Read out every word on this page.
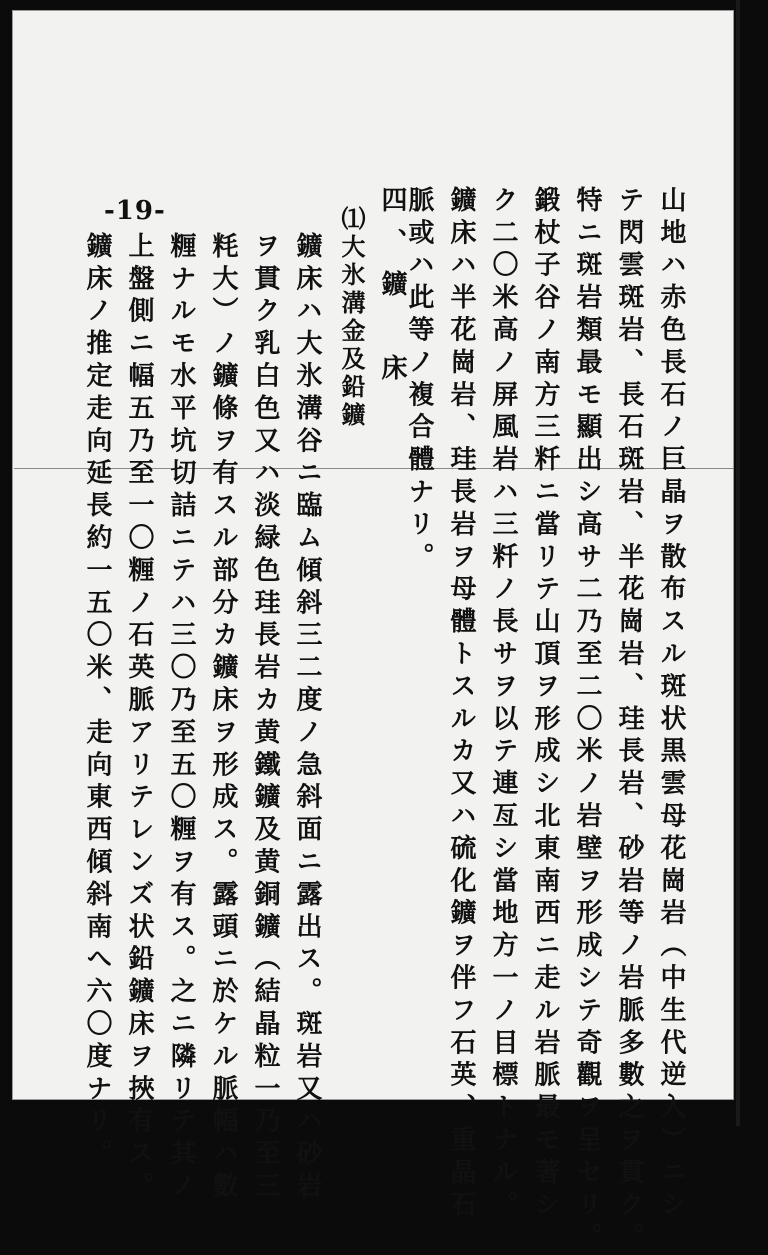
-19-	山地ハ赤色長石ノ巨晶ヲ散布スル斑状黒雲母花崗岩（中生代逆入）ニシ
テ閃雲斑岩、長石斑岩、半花崗岩、珪長岩、砂岩等ノ岩脈多數之ヲ貫ク。
特ニ斑岩類最モ顯出シ高サ二乃至二〇米ノ岩壁ヲ形成シテ奇觀ヲ呈セリ。
鍛杖子谷ノ南方三粁ニ當リテ山頂ヲ形成シ北東南西ニ走ル岩脈最モ著シ
ク二〇米高ノ屏風岩ハ三粁ノ長サヲ以テ連亙シ當地方一ノ目標トナル。
鑛床ハ半花崗岩、珪長岩ヲ母體トスルカ又ハ硫化鑛ヲ伴フ石英、重晶石
脈或ハ此等ノ複合體ナリ。
四、鑛　床
⑴大氷溝金及鉛鑛
鑛床ハ大氷溝谷ニ臨ム傾斜三二度ノ急斜面ニ露出ス。斑岩又ハ砂岩
ヲ貫ク乳白色又ハ淡緑色珪長岩カ黄鐵鑛及黄銅鑛（結晶粒一乃至三
粍大）ノ鑛條ヲ有スル部分カ鑛床ヲ形成ス。露頭ニ於ケル脈幅ハ數
糎ナルモ水平坑切詰ニテハ三〇乃至五〇糎ヲ有ス。之ニ隣リテ其ノ
上盤側ニ幅五乃至一〇糎ノ石英脈アリテレンズ状鉛鑛床ヲ挾有ス。
鑛床ノ推定走向延長約一五〇米、走向東西傾斜南へ六〇度ナリ。
